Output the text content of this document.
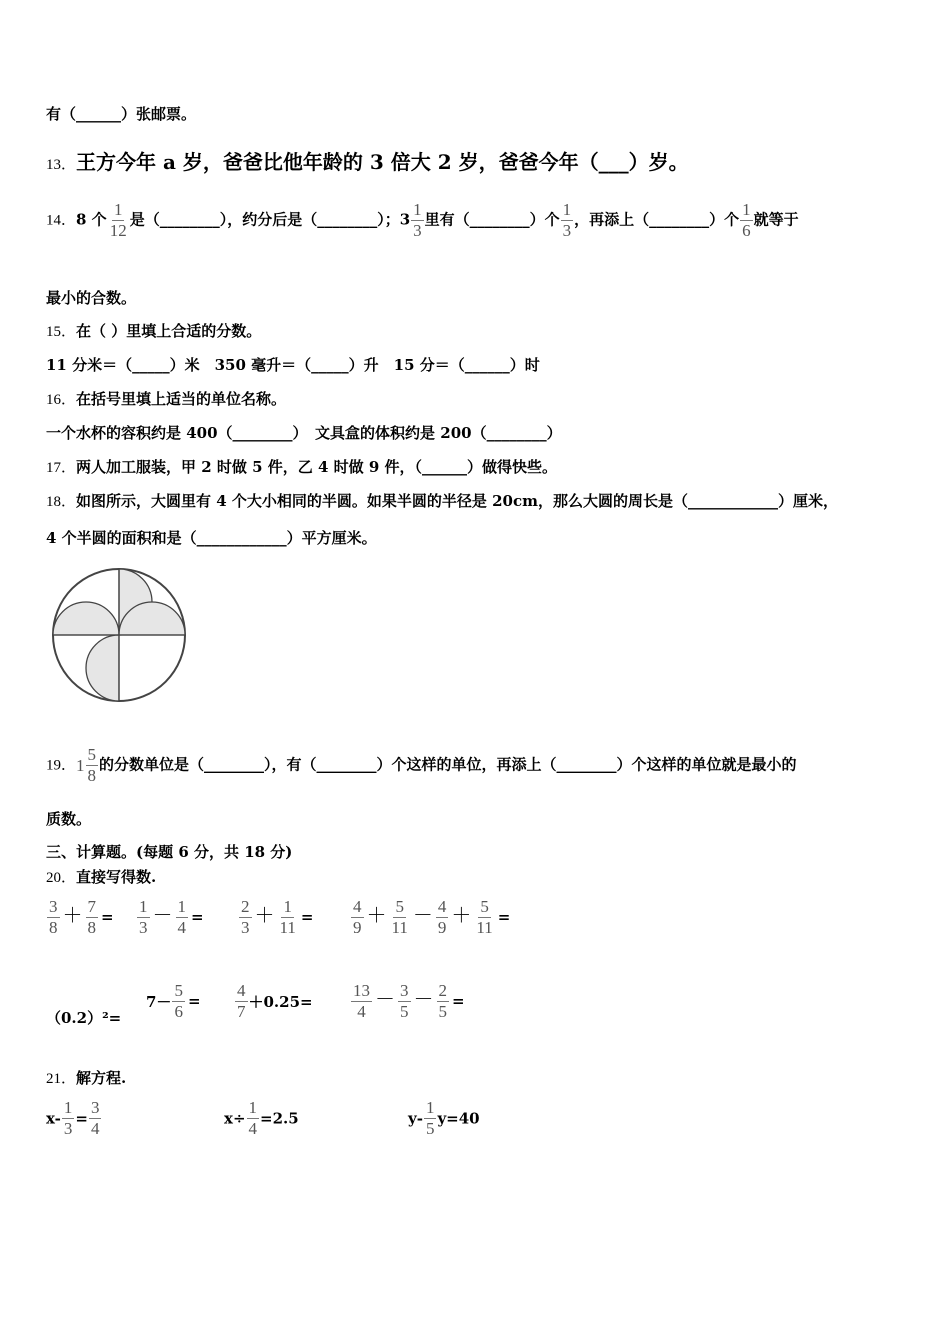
有（______）张邮票。
13．王方今年 a 岁，爸爸比他年龄的 3 倍大 2 岁，爸爸今年（___）岁。
14．8 个 $\frac{1}{12}$ 是（________），约分后是（________）；$3 \frac{1}{3}$ 里有（________）个 $\frac{1}{3}$ ，再添上（________）个 $\frac{1}{6}$ 就等于
最小的合数。
15．在（ ）里填上合适的分数。
11 分米＝（_____）米　350 毫升＝（_____）升　15 分＝（______）时
16．在括号里填上适当的单位名称。
一个水杯的容积约是 400（________）　文具盒的体积约是 200（________）
17．两人加工服装，甲 2 时做 5 件，乙 4 时做 9 件，（______）做得快些。
18．如图所示，大圆里有 4 个大小相同的半圆。如果半圆的半径是 20cm，那么大圆的周长是（____________）厘米，
4 个半圆的面积和是（____________）平方厘米。
19． 1
5
8
的分数单位是（________），有（________）个这样的单位，再添上（________）个这样的单位就是最小的
质数。
三、计算题。(每题 6 分，共 18 分)
20．直接写得数.
$\frac{3}{8} + \frac{7}{8} = \frac{1}{3} - \frac{1}{4} = \frac{2}{3} + \frac{1}{11} = \frac{4}{9} + \frac{5}{11} - \frac{4}{9} + \frac{5}{11}$ =
（0.2）²=
$7- \frac{5}{6} = \frac{4}{7} +0.25= \frac{13}{4} - \frac{3}{5} - \frac{2}{5}$ =
21．解方程.
$x- \frac{1}{3} = \frac{3}{4}$	$x\div \frac{1}{4} =2.5$	$y- \frac{1}{5} y=40$
